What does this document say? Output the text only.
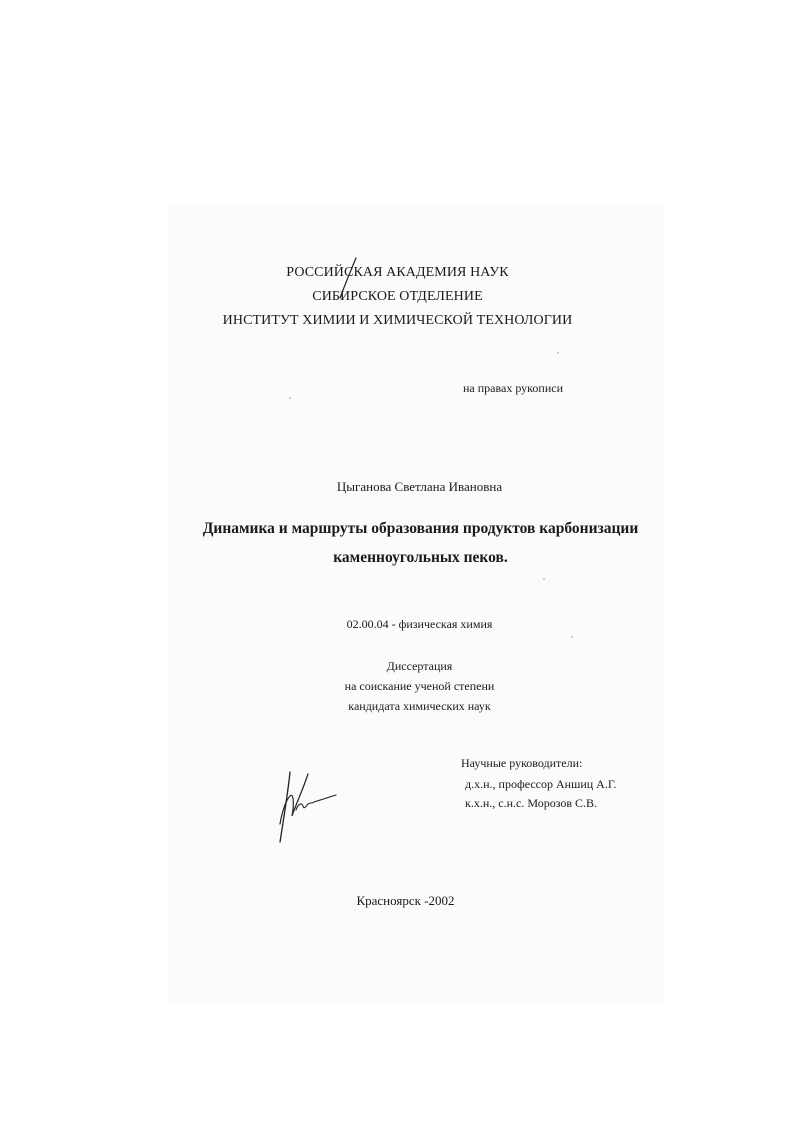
РОССИЙСКАЯ АКАДЕМИЯ НАУК
СИБИРСКОЕ ОТДЕЛЕНИЕ
ИНСТИТУТ ХИМИИ И ХИМИЧЕСКОЙ ТЕХНОЛОГИИ
на правах рукописи
Цыганова Светлана Ивановна
Динамика и маршруты образования продуктов карбонизации
каменноугольных пеков.
02.00.04 - физическая химия
Диссертация
на соискание ученой степени
кандидата химических наук
Научные руководители:
д.х.н., профессор Аншиц А.Г.
к.х.н., с.н.с. Морозов С.В.
Красноярск -2002
